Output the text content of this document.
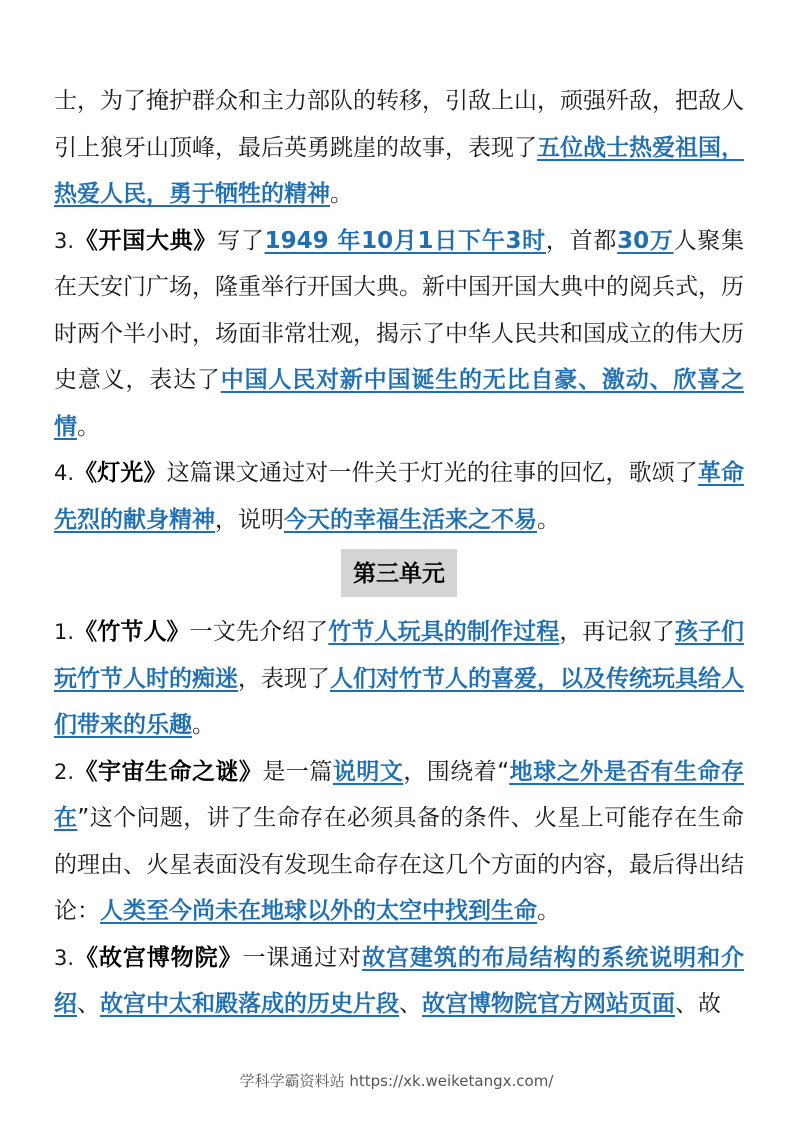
士，为了掩护群众和主力部队的转移，引敌上山，顽强歼敌，把敌人引上狼牙山顶峰，最后英勇跳崖的故事，表现了五位战士热爱祖国，热爱人民，勇于牺牲的精神。

3.《开国大典》写了1949 年10月1日下午3时，首都30万人聚集在天安门广场，隆重举行开国大典。新中国开国大典中的阅兵式，历时两个半小时，场面非常壮观，揭示了中华人民共和国成立的伟大历史意义，表达了中国人民对新中国诞生的无比自豪、激动、欣喜之情。

4.《灯光》这篇课文通过对一件关于灯光的往事的回忆，歌颂了革命先烈的献身精神，说明今天的幸福生活来之不易。

第三单元

1.《竹节人》一文先介绍了竹节人玩具的制作过程，再记叙了孩子们玩竹节人时的痴迷，表现了人们对竹节人的喜爱，以及传统玩具给人们带来的乐趣。

2.《宇宙生命之谜》是一篇说明文，围绕着“地球之外是否有生命存在”这个问题，讲了生命存在必须具备的条件、火星上可能存在生命的理由、火星表面没有发现生命存在这几个方面的内容，最后得出结论：人类至今尚未在地球以外的太空中找到生命。

3.《故宫博物院》一课通过对故宫建筑的布局结构的系统说明和介绍、故宫中太和殿落成的历史片段、故宫博物院官方网站页面、故

学科学霸资料站 https://xk.weiketangx.com/
